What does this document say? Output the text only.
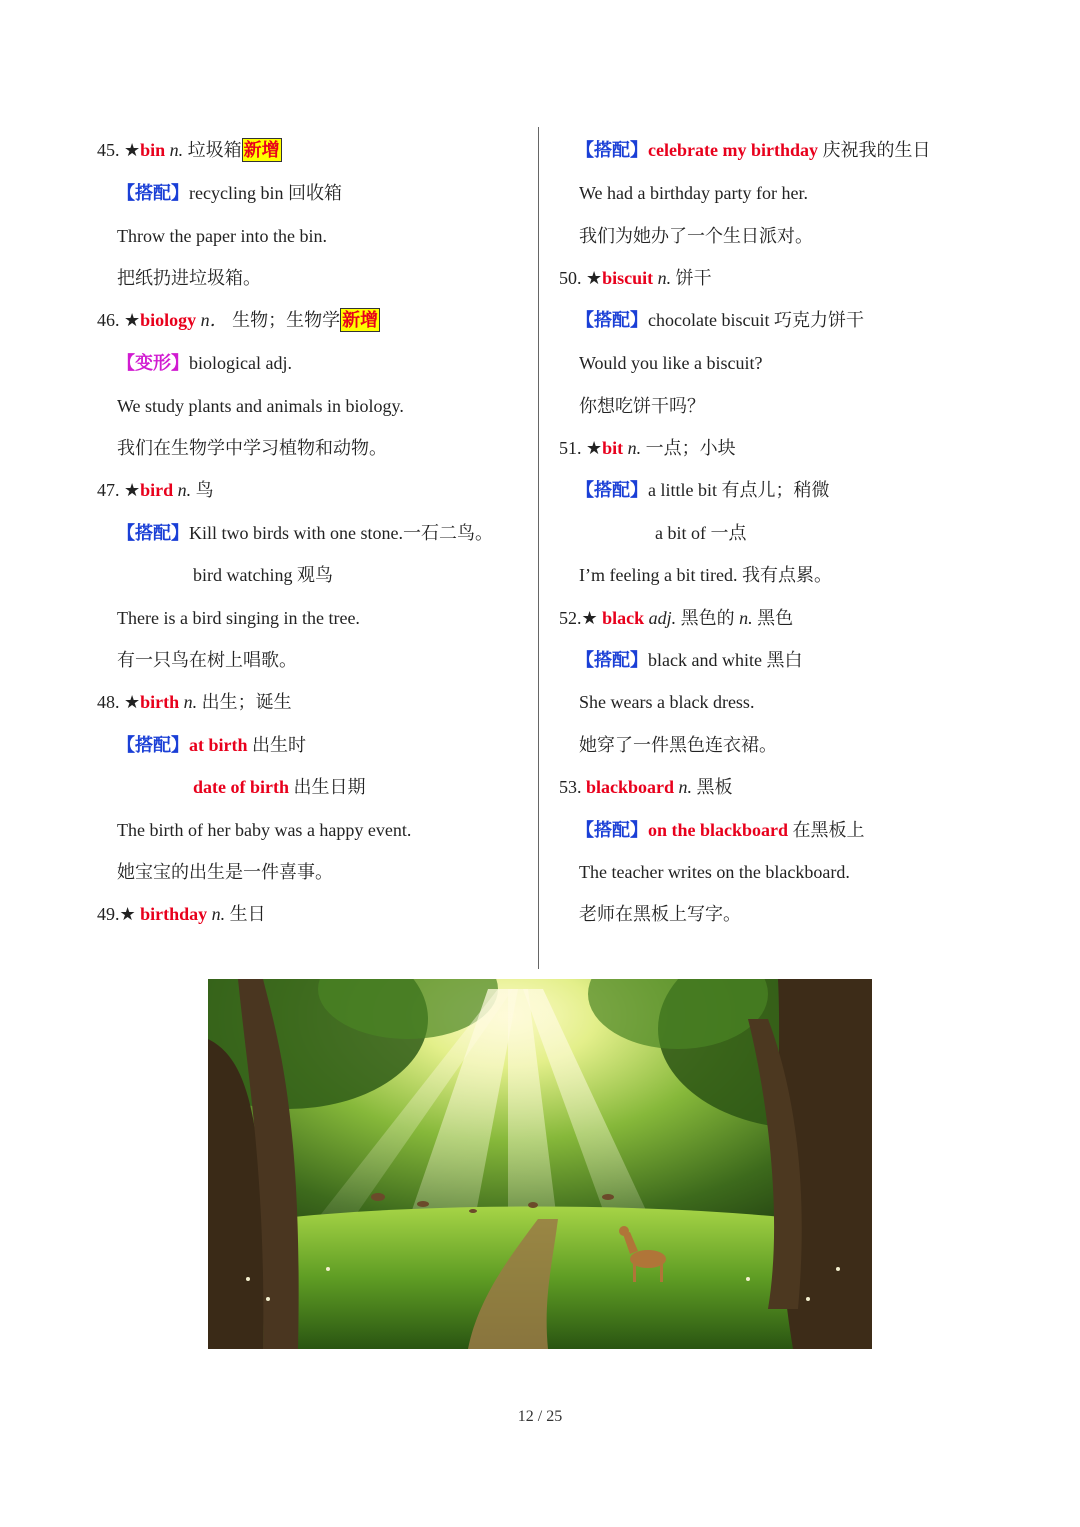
45. ★bin n. 垃圾箱 新增
【搭配】recycling bin 回收箱
Throw the paper into the bin.
把纸扔进垃圾箱。
46. ★biology n． 生物；生物学 新增
【变形】biological adj.
We study plants and animals in biology.
我们在生物学中学习植物和动物。
47. ★bird n. 鸟
【搭配】Kill two birds with one stone.一石二鸟。
bird watching 观鸟
There is a bird singing in the tree.
有一只鸟在树上唱歌。
48. ★birth n. 出生；诞生
【搭配】at birth 出生时
date of birth 出生日期
The birth of her baby was a happy event.
她宝宝的出生是一件喜事。
49.★ birthday n. 生日
【搭配】celebrate my birthday 庆祝我的生日
We had a birthday party for her.
我们为她办了一个生日派对。
50. ★biscuit n. 饼干
【搭配】chocolate biscuit 巧克力饼干
Would you like a biscuit?
你想吃饼干吗？
51. ★bit n. 一点；小块
【搭配】a little bit 有点儿；稍微
a bit of 一点
I’m feeling a bit tired. 我有点累。
52.★ black adj. 黑色的 n. 黑色
【搭配】black and white 黑白
She wears a black dress.
她穿了一件黑色连衣裙。
53. blackboard n. 黑板
【搭配】on the blackboard 在黑板上
The teacher writes on the blackboard.
老师在黑板上写字。
12 / 25
